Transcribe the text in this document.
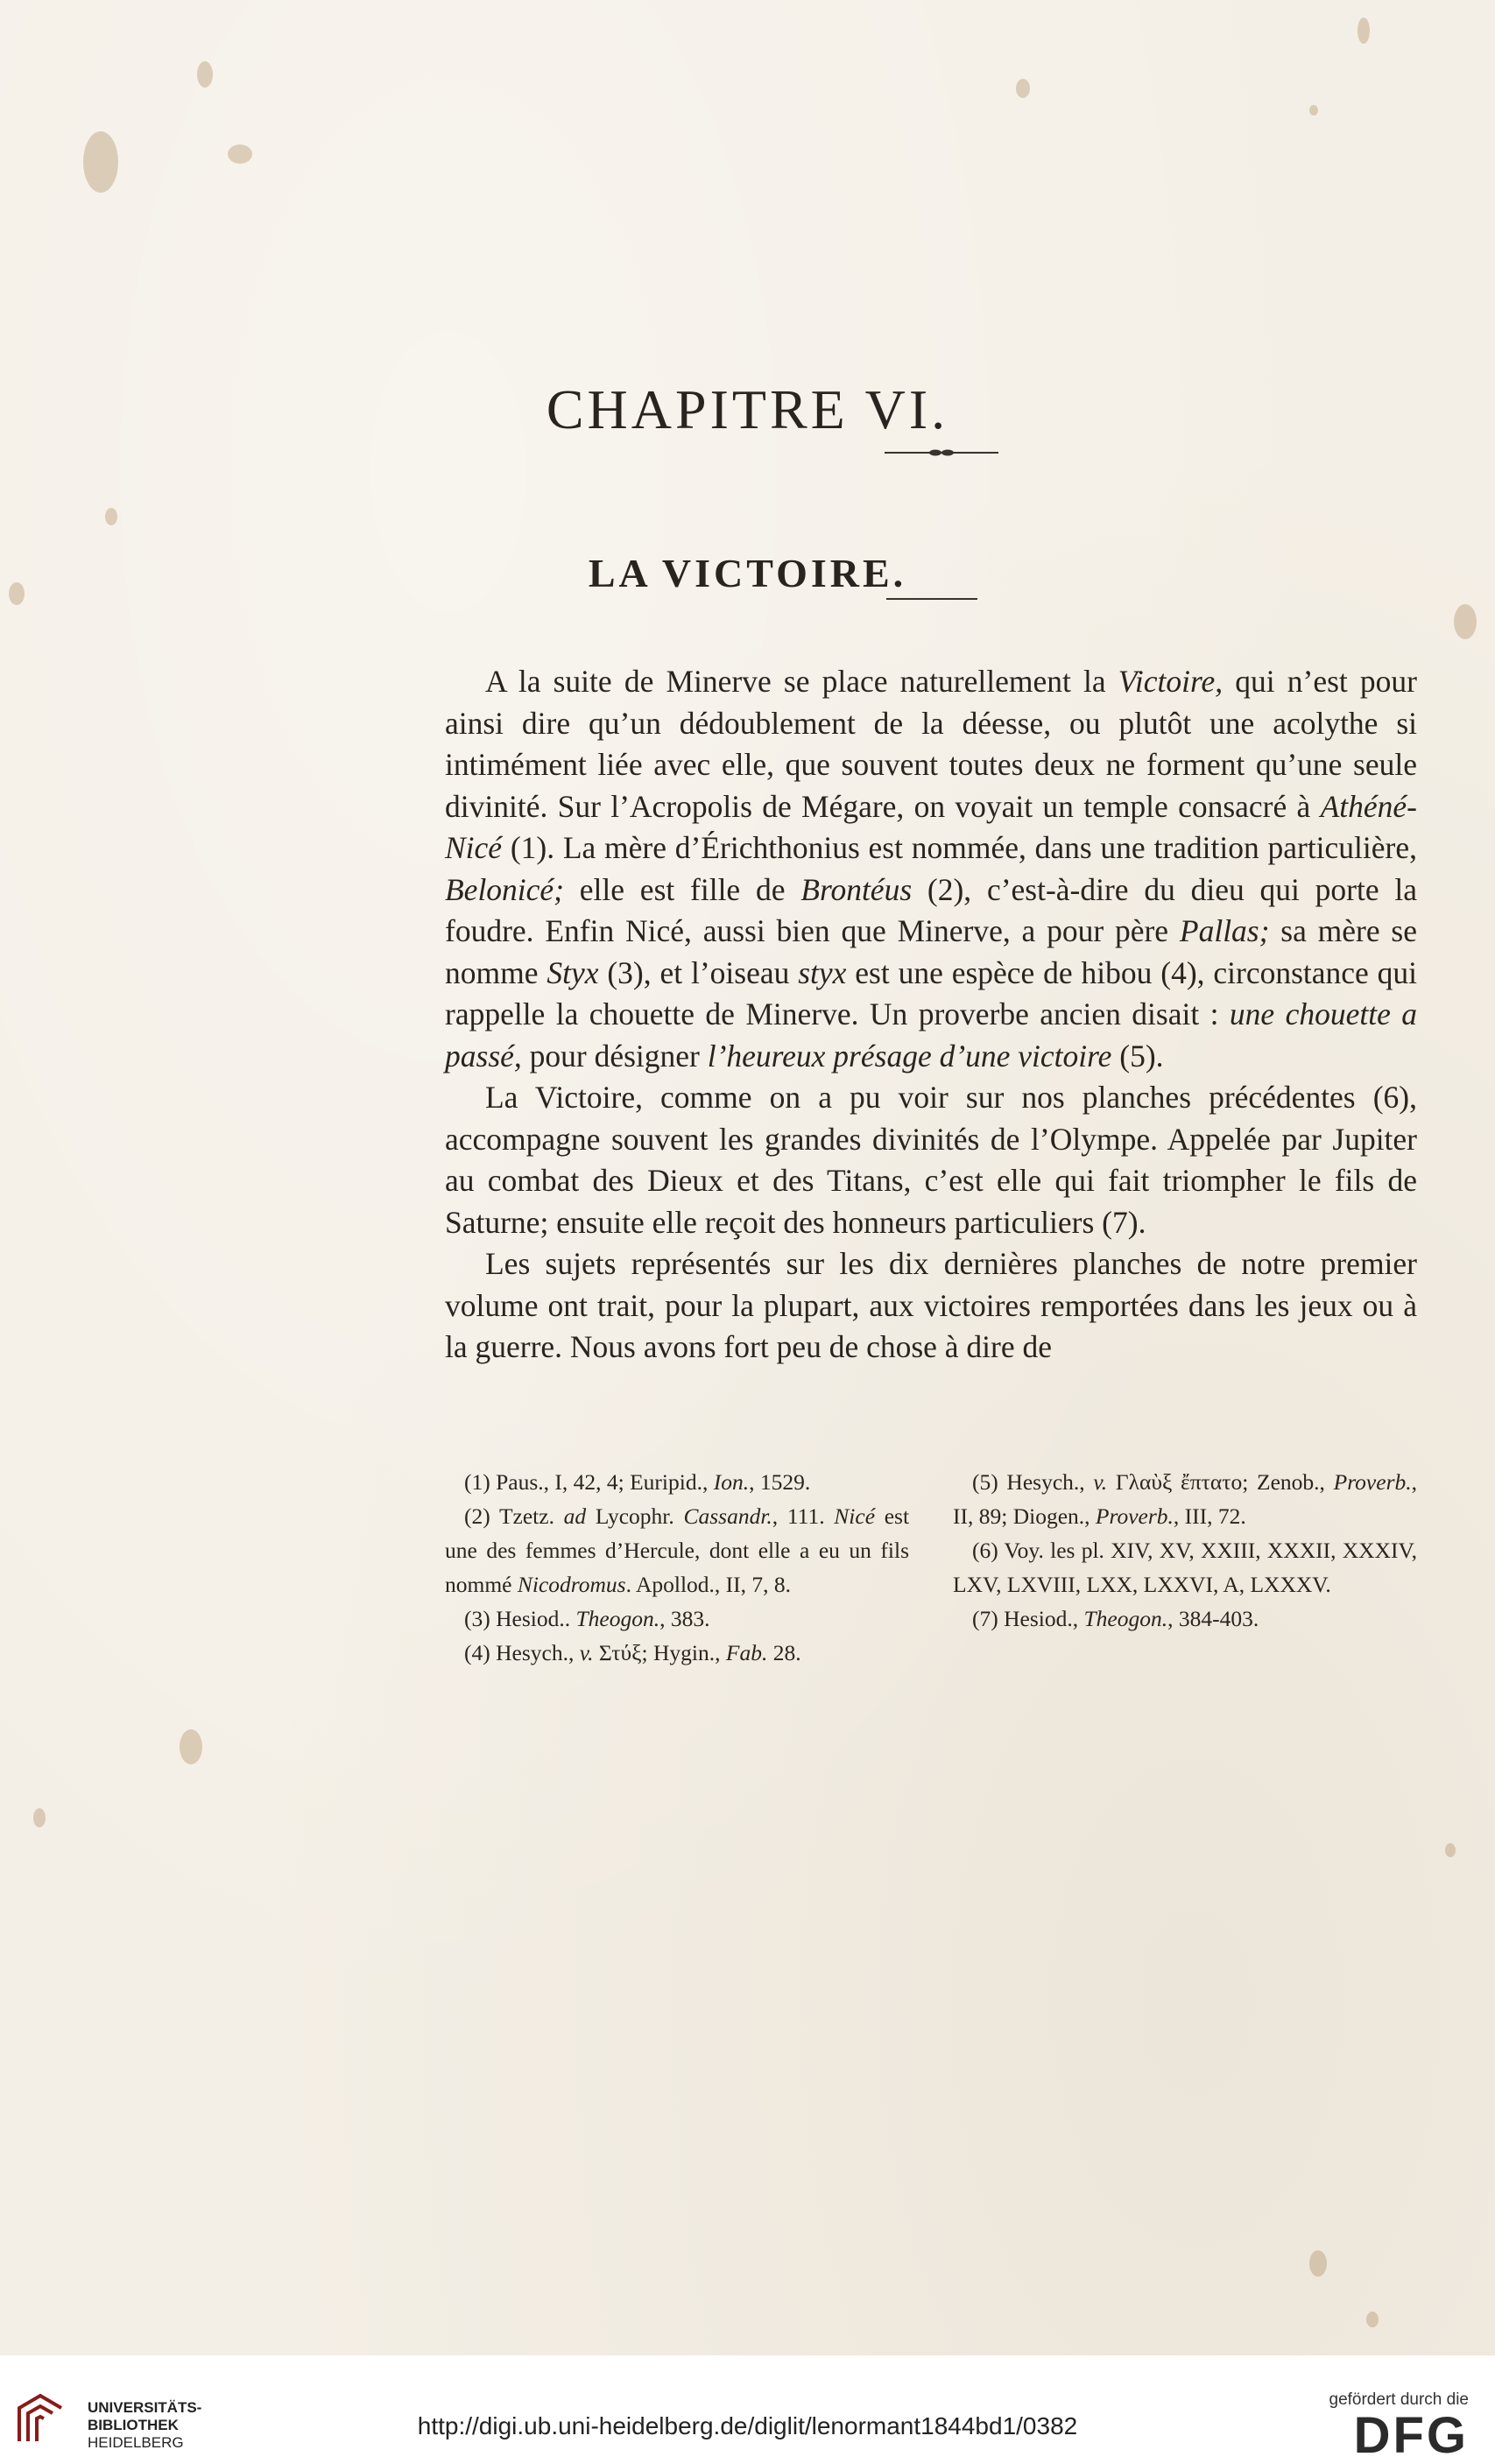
CHAPITRE VI.
LA VICTOIRE.

A la suite de Minerve se place naturellement la Victoire, qui n’est pour ainsi dire qu’un dédoublement de la déesse, ou plutôt une acolythe si intimément liée avec elle, que souvent toutes deux ne forment qu’une seule divinité. Sur l’Acropolis de Mégare, on voyait un temple consacré à Athéné-Nicé (1). La mère d’Érichthonius est nommée, dans une tradition particulière, Belonicé; elle est fille de Brontéus (2), c’est-à-dire du dieu qui porte la foudre. Enfin Nicé, aussi bien que Minerve, a pour père Pallas; sa mère se nomme Styx (3), et l’oiseau styx est une espèce de hibou (4), circonstance qui rappelle la chouette de Minerve. Un proverbe ancien disait : une chouette a passé, pour désigner l’heureux présage d’une victoire (5).

La Victoire, comme on a pu voir sur nos planches précédentes (6), accompagne souvent les grandes divinités de l’Olympe. Appelée par Jupiter au combat des Dieux et des Titans, c’est elle qui fait triompher le fils de Saturne; ensuite elle reçoit des honneurs particuliers (7).

Les sujets représentés sur les dix dernières planches de notre premier volume ont trait, pour la plupart, aux victoires remportées dans les jeux ou à la guerre. Nous avons fort peu de chose à dire de

(1) Paus., I, 42, 4; Euripid., Ion., 1529.

(2) Tzetz. ad Lycophr. Cassandr., 111. Nicé est une des femmes d’Hercule, dont elle a eu un fils nommé Nicodromus. Apollod., II, 7, 8.

(3) Hesiod.. Theogon., 383.

(4) Hesych., v. Στύξ; Hygin., Fab. 28.

(5) Hesych., v. Γλαὺξ ἔπτατο; Zenob., Proverb., II, 89; Diogen., Proverb., III, 72.

(6) Voy. les pl. XIV, XV, XXIII, XXXII, XXXIV, LXV, LXVIII, LXX, LXXVI, A, LXXXV.

(7) Hesiod., Theogon., 384-403.

UNIVERSITÄTS-
BIBLIOTHEK
HEIDELBERG
http://digi.ub.uni-heidelberg.de/diglit/lenormant1844bd1/0382
gefördert durch die
DFG
